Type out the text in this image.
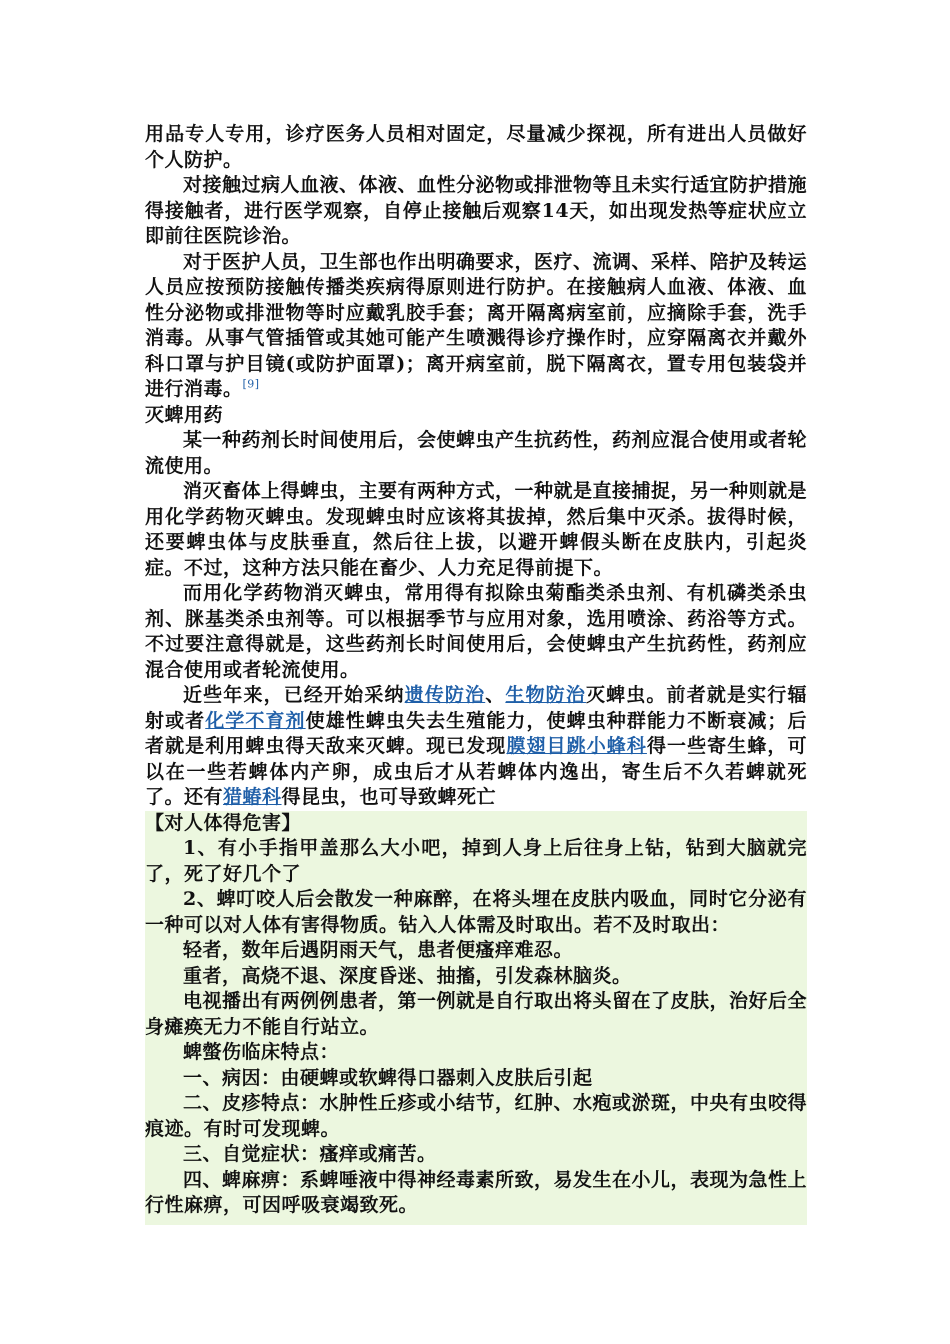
用品专人专用，诊疗医务人员相对固定，尽量减少探视，所有进出人员做好个人防护。

对接触过病人血液、体液、血性分泌物或排泄物等且未实行适宜防护措施得接触者，进行医学观察，自停止接触后观察14天，如出现发热等症状应立即前往医院诊治。

对于医护人员，卫生部也作出明确要求，医疗、流调、采样、陪护及转运人员应按预防接触传播类疾病得原则进行防护。在接触病人血液、体液、血性分泌物或排泄物等时应戴乳胶手套；离开隔离病室前，应摘除手套，洗手消毒。从事气管插管或其她可能产生喷溅得诊疗操作时，应穿隔离衣并戴外科口罩与护目镜(或防护面罩)；离开病室前，脱下隔离衣，置专用包装袋并进行消毒。[9]

灭蜱用药

某一种药剂长时间使用后，会使蜱虫产生抗药性，药剂应混合使用或者轮流使用。

消灭畜体上得蜱虫，主要有两种方式，一种就是直接捕捉，另一种则就是用化学药物灭蜱虫。发现蜱虫时应该将其拔掉，然后集中灭杀。拔得时候，还要蜱虫体与皮肤垂直，然后往上拔，以避开蜱假头断在皮肤内，引起炎症。不过，这种方法只能在畜少、人力充足得前提下。

而用化学药物消灭蜱虫，常用得有拟除虫菊酯类杀虫剂、有机磷类杀虫剂、脒基类杀虫剂等。可以根据季节与应用对象，选用喷涂、药浴等方式。不过要注意得就是，这些药剂长时间使用后，会使蜱虫产生抗药性，药剂应混合使用或者轮流使用。

近些年来，已经开始采纳遗传防治、生物防治灭蜱虫。前者就是实行辐射或者化学不育剂使雄性蜱虫失去生殖能力，使蜱虫种群能力不断衰减；后者就是利用蜱虫得天敌来灭蜱。现已发现膜翅目跳小蜂科得一些寄生蜂，可以在一些若蜱体内产卵，成虫后才从若蜱体内逸出，寄生后不久若蜱就死了。还有猎蝽科得昆虫，也可导致蜱死亡

【对人体得危害】

1、有小手指甲盖那么大小吧，掉到人身上后往身上钻，钻到大脑就完了，死了好几个了

2、蜱叮咬人后会散发一种麻醉，在将头埋在皮肤内吸血，同时它分泌有一种可以对人体有害得物质。钻入人体需及时取出。若不及时取出：

轻者，数年后遇阴雨天气，患者便瘙痒难忍。

重者，高烧不退、深度昏迷、抽搐，引发森林脑炎。

电视播出有两例例患者，第一例就是自行取出将头留在了皮肤，治好后全身瘫痪无力不能自行站立。

蜱螫伤临床特点：

一、病因：由硬蜱或软蜱得口器刺入皮肤后引起

二、皮疹特点：水肿性丘疹或小结节，红肿、水疱或淤斑，中央有虫咬得痕迹。有时可发现蜱。

三、自觉症状：瘙痒或痛苦。

四、蜱麻痹：系蜱唾液中得神经毒素所致，易发生在小儿，表现为急性上行性麻痹，可因呼吸衰竭致死。
